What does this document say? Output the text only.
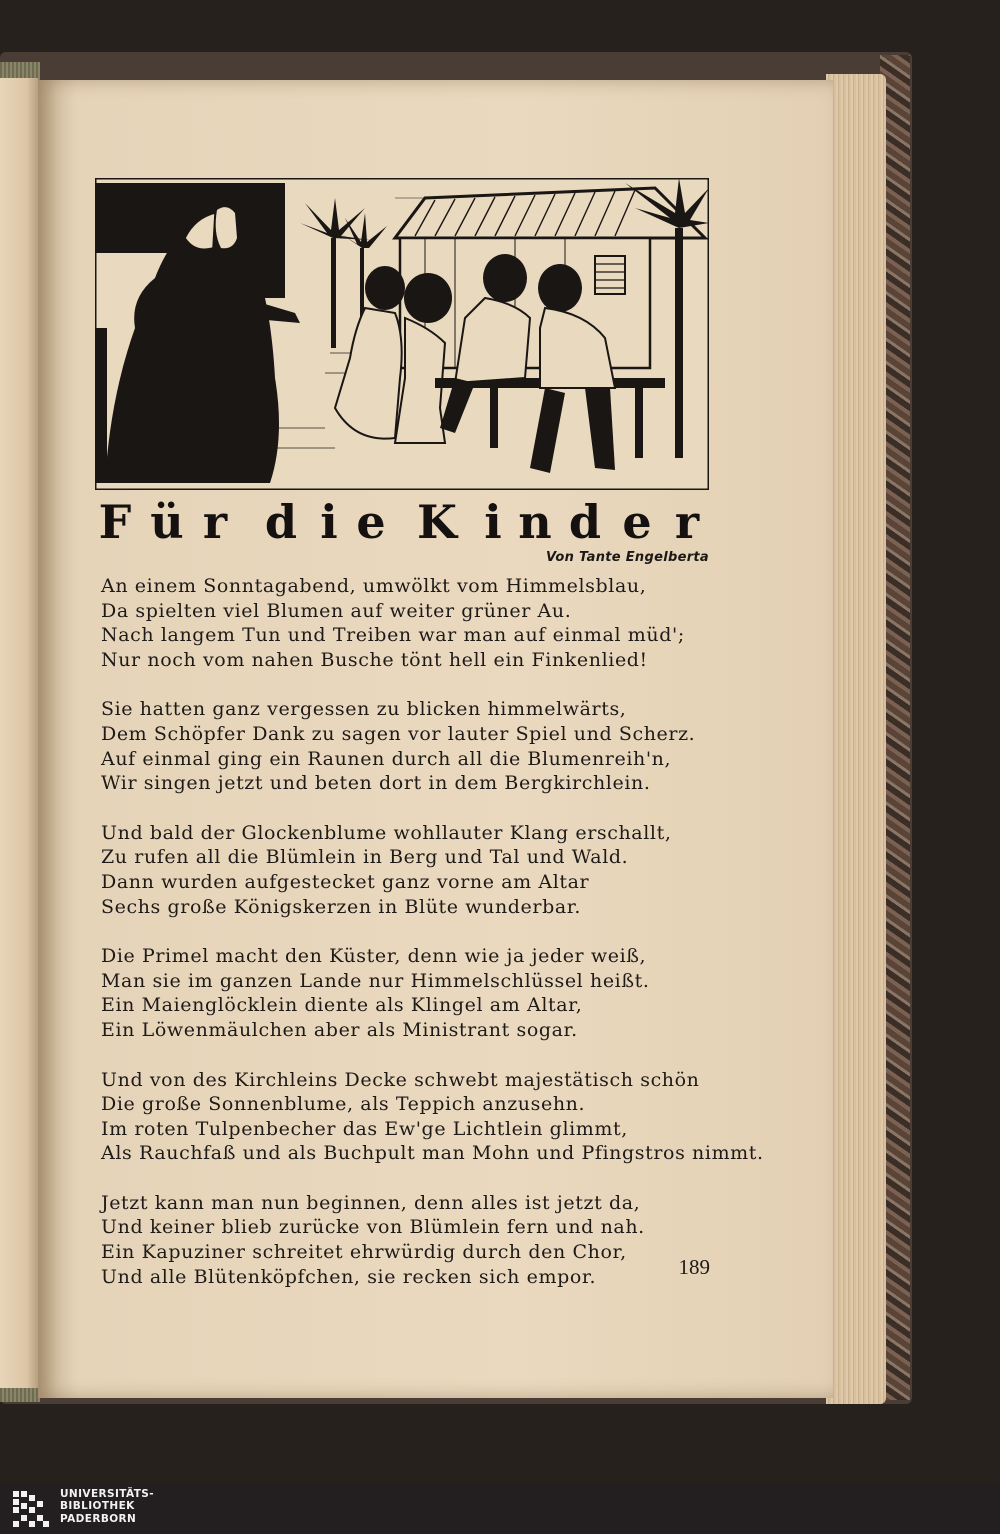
F ü r d i e K i n d e r
Von Tante Engelberta
An einem Sonntagabend, umwölkt vom Himmelsblau,
Da spielten viel Blumen auf weiter grüner Au.
Nach langem Tun und Treiben war man auf einmal müd';
Nur noch vom nahen Busche tönt hell ein Finkenlied!
Sie hatten ganz vergessen zu blicken himmelwärts,
Dem Schöpfer Dank zu sagen vor lauter Spiel und Scherz.
Auf einmal ging ein Raunen durch all die Blumenreih'n,
Wir singen jetzt und beten dort in dem Bergkirchlein.
Und bald der Glockenblume wohllauter Klang erschallt,
Zu rufen all die Blümlein in Berg und Tal und Wald.
Dann wurden aufgestecket ganz vorne am Altar
Sechs große Königskerzen in Blüte wunderbar.
Die Primel macht den Küster, denn wie ja jeder weiß,
Man sie im ganzen Lande nur Himmelschlüssel heißt.
Ein Maienglöcklein diente als Klingel am Altar,
Ein Löwenmäulchen aber als Ministrant sogar.
Und von des Kirchleins Decke schwebt majestätisch schön
Die große Sonnenblume, als Teppich anzusehn.
Im roten Tulpenbecher das Ew'ge Lichtlein glimmt,
Als Rauchfaß und als Buchpult man Mohn und Pfingstros nimmt.
Jetzt kann man nun beginnen, denn alles ist jetzt da,
Und keiner blieb zurücke von Blümlein fern und nah.
Ein Kapuziner schreitet ehrwürdig durch den Chor,
Und alle Blütenköpfchen, sie recken sich empor.	189
UNIVERSITÄTS-
BIBLIOTHEK
PADERBORN
